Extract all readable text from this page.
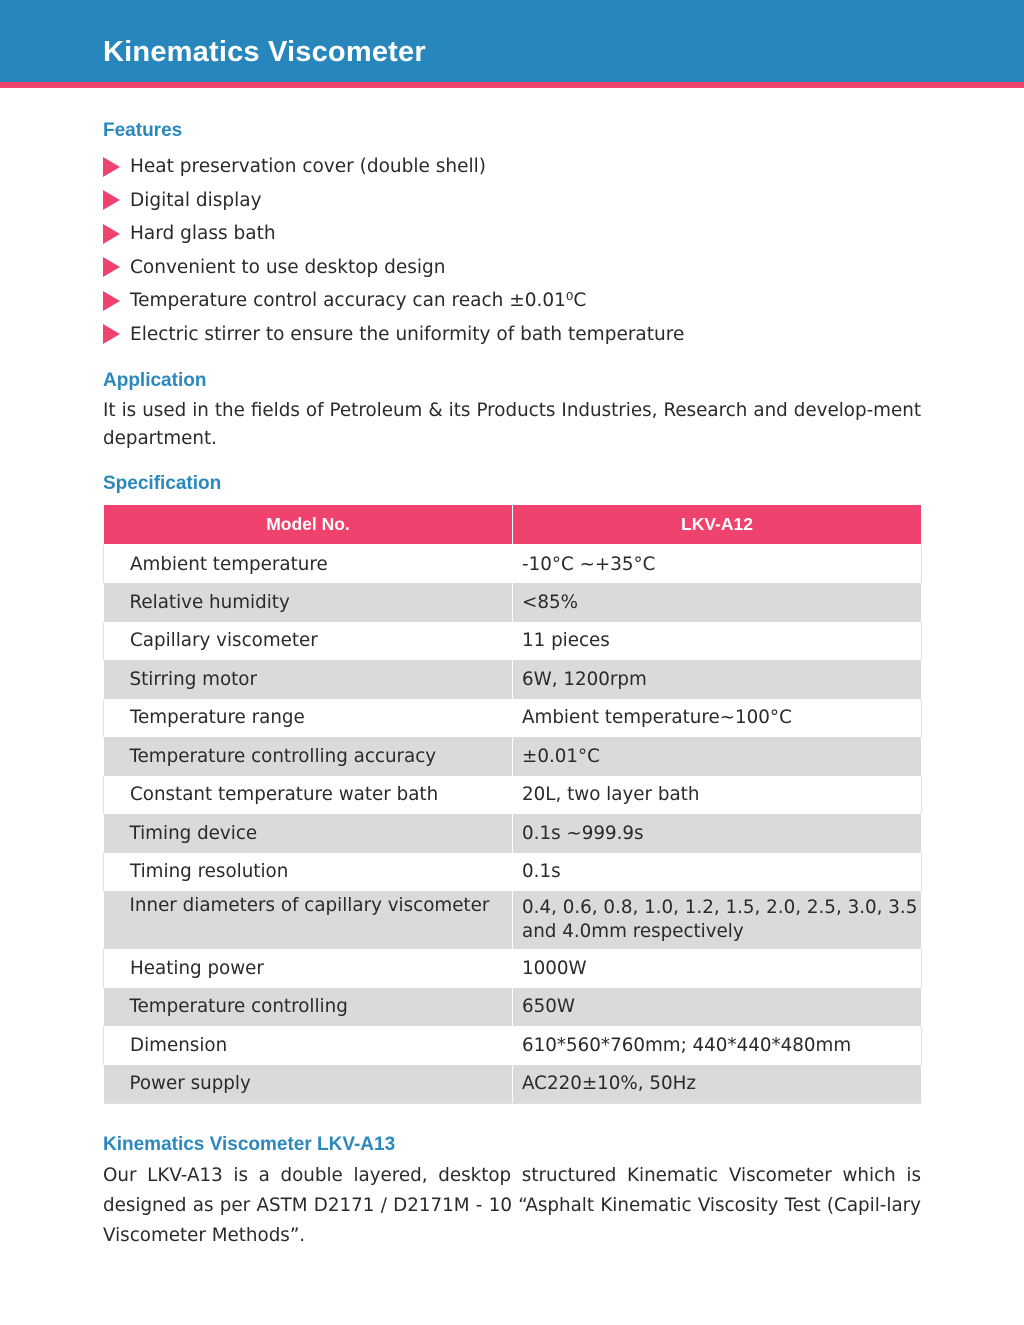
Kinematics Viscometer
Features
Heat preservation cover (double shell)
Digital display
Hard glass bath
Convenient to use desktop design
Temperature control accuracy can reach ±0.01⁰C
Electric stirrer to ensure the uniformity of bath temperature
Application

It is used in the fields of Petroleum & its Products Industries, Research and develop-ment department.

Specification
Model No.	LKV-A12
Ambient temperature	-10°C ~+35°C
Relative humidity	<85%
Capillary viscometer	11 pieces
Stirring motor	6W, 1200rpm
Temperature range	Ambient temperature~100°C
Temperature controlling accuracy	±0.01°C
Constant temperature water bath	20L, two layer bath
Timing device	0.1s ~999.9s
Timing resolution	0.1s
Inner diameters of capillary viscometer	0.4, 0.6, 0.8, 1.0, 1.2, 1.5, 2.0, 2.5, 3.0, 3.5 and 4.0mm respectively
Heating power	1000W
Temperature controlling	650W
Dimension	610*560*760mm; 440*440*480mm
Power supply	AC220±10%, 50Hz
Kinematics Viscometer LKV-A13

Our LKV-A13 is a double layered, desktop structured Kinematic Viscometer which is designed as per ASTM D2171 / D2171M - 10 “Asphalt Kinematic Viscosity Test (Capil-lary Viscometer Methods”.
